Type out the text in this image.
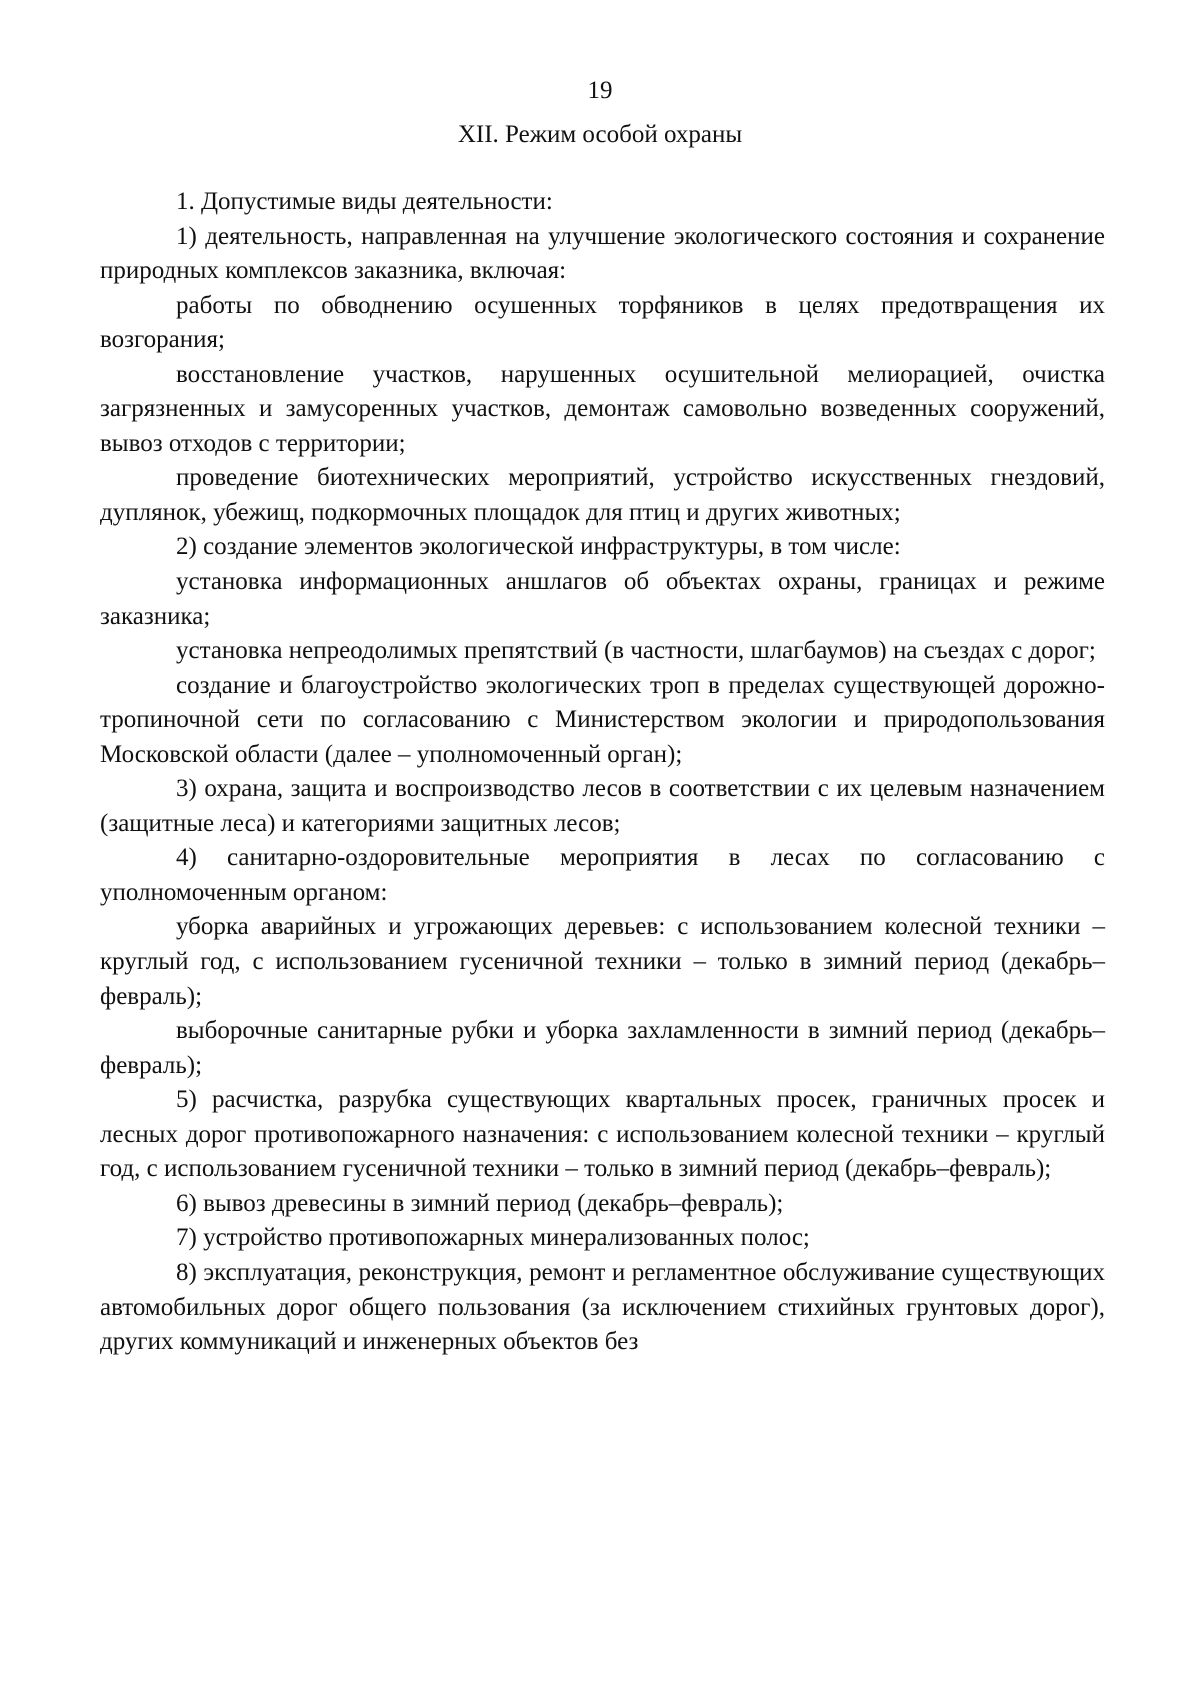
19
XII. Режим особой охраны

1. Допустимые виды деятельности:

1) деятельность, направленная на улучшение экологического состояния и сохранение природных комплексов заказника, включая:

работы по обводнению осушенных торфяников в целях предотвращения их возгорания;

восстановление участков, нарушенных осушительной мелиорацией, очистка загрязненных и замусоренных участков, демонтаж самовольно возведенных сооружений, вывоз отходов с территории;

проведение биотехнических мероприятий, устройство искусственных гнездовий, дуплянок, убежищ, подкормочных площадок для птиц и других животных;

2) создание элементов экологической инфраструктуры, в том числе:

установка информационных аншлагов об объектах охраны, границах и режиме заказника;

установка непреодолимых препятствий (в частности, шлагбаумов) на съездах с дорог;

создание и благоустройство экологических троп в пределах существующей дорожно-тропиночной сети по согласованию с Министерством экологии и природопользования Московской области (далее – уполномоченный орган);

3) охрана, защита и воспроизводство лесов в соответствии с их целевым назначением (защитные леса) и категориями защитных лесов;

4) санитарно-оздоровительные мероприятия в лесах по согласованию с уполномоченным органом:

уборка аварийных и угрожающих деревьев: с использованием колесной техники – круглый год, с использованием гусеничной техники – только в зимний период (декабрь–февраль);

выборочные санитарные рубки и уборка захламленности в зимний период (декабрь–февраль);

5) расчистка, разрубка существующих квартальных просек, граничных просек и лесных дорог противопожарного назначения: с использованием колесной техники – круглый год, с использованием гусеничной техники – только в зимний период (декабрь–февраль);

6) вывоз древесины в зимний период (декабрь–февраль);

7) устройство противопожарных минерализованных полос;

8) эксплуатация, реконструкция, ремонт и регламентное обслуживание существующих автомобильных дорог общего пользования (за исключением стихийных грунтовых дорог), других коммуникаций и инженерных объектов без
